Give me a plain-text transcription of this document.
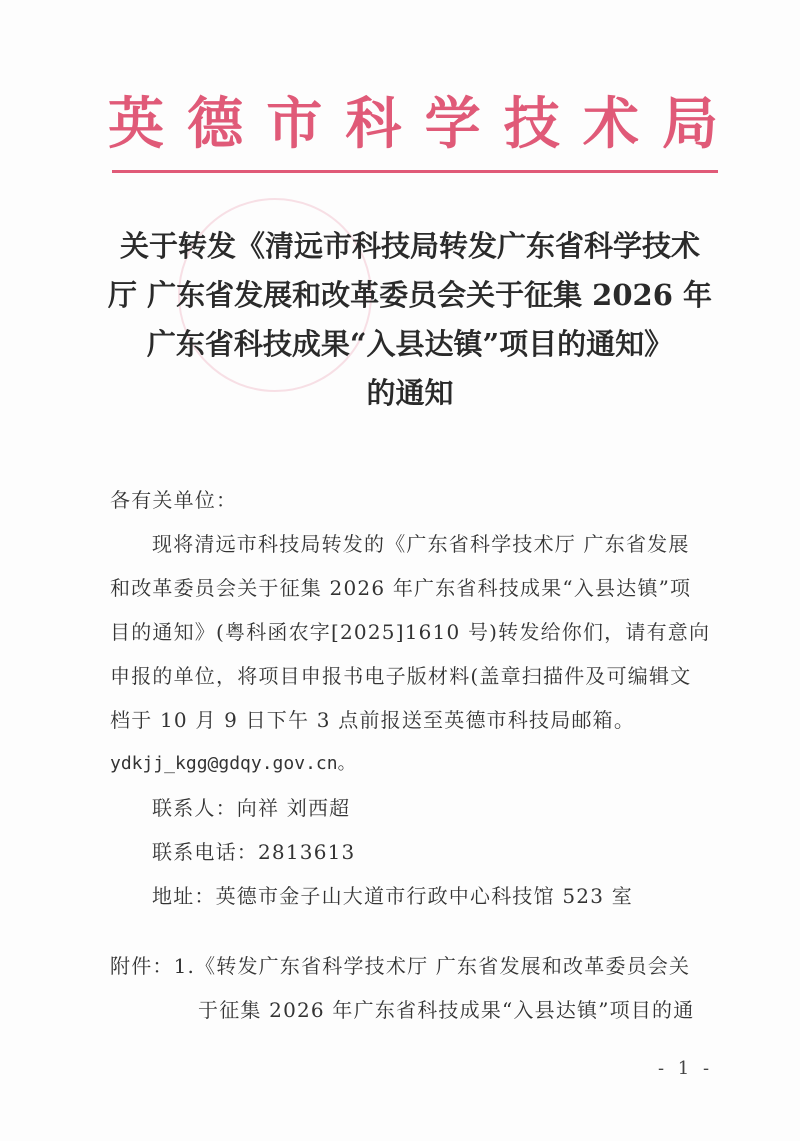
英 德 市 科 学 技 术 局
关于转发《清远市科技局转发广东省科学技术
厅 广东省发展和改革委员会关于征集 2026 年
广东省科技成果“入县达镇”项目的通知》
的通知
各有关单位：
现将清远市科技局转发的《广东省科学技术厅 广东省发展
和改革委员会关于征集 2026 年广东省科技成果“入县达镇”项
目的通知》(粤科函农字[2025]1610 号)转发给你们，请有意向
申报的单位，将项目申报书电子版材料(盖章扫描件及可编辑文
档于 10 月 9 日下午 3 点前报送至英德市科技局邮箱。
ydkjj_kgg@gdqy.gov.cn。
联系人：向祥 刘西超
联系电话：2813613
地址：英德市金子山大道市行政中心科技馆 523 室
附件：1.《转发广东省科学技术厅 广东省发展和改革委员会关
于征集 2026 年广东省科技成果“入县达镇”项目的通
- 1 -
